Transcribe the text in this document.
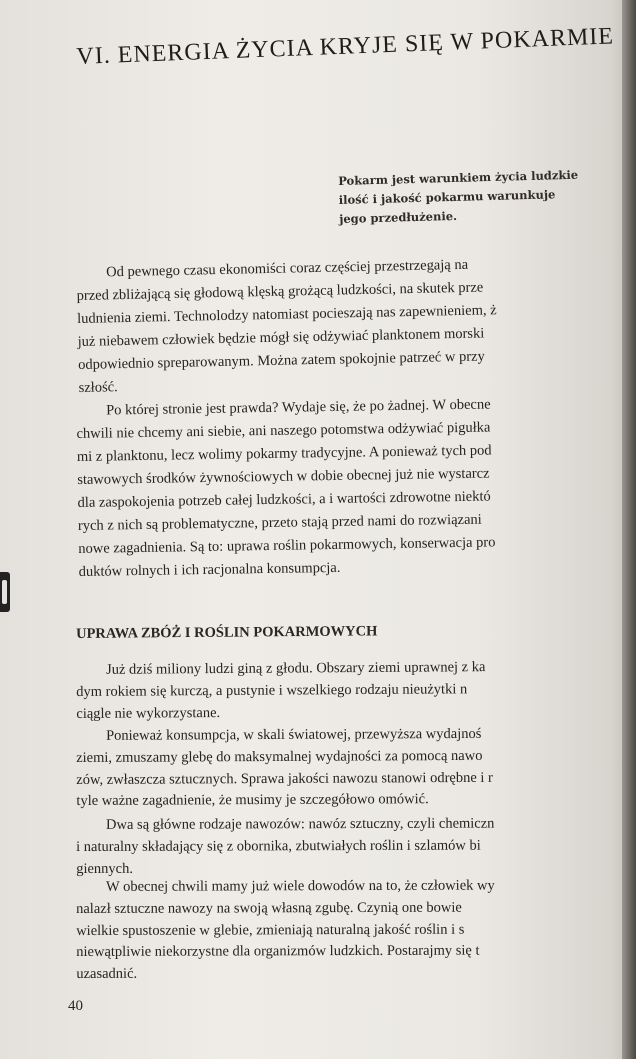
VI. ENERGIA ŻYCIA KRYJE SIĘ W POKARMIE
Pokarm jest warunkiem życia ludzkie
ilość i jakość pokarmu warunkuje
jego przedłużenie.
Od pewnego czasu ekonomiści coraz częściej przestrzegają na
przed zbliżającą się głodową klęską grożącą ludzkości, na skutek prze
ludnienia ziemi. Technolodzy natomiast pocieszają nas zapewnieniem, ż
już niebawem człowiek będzie mógł się odżywiać planktonem morski
odpowiednio spreparowanym. Można zatem spokojnie patrzeć w przy
szłość.
Po której stronie jest prawda? Wydaje się, że po żadnej. W obecne
chwili nie chcemy ani siebie, ani naszego potomstwa odżywiać pigułka
mi z planktonu, lecz wolimy pokarmy tradycyjne. A ponieważ tych pod
stawowych środków żywnościowych w dobie obecnej już nie wystarcz
dla zaspokojenia potrzeb całej ludzkości, a i wartości zdrowotne niektó
rych z nich są problematyczne, przeto stają przed nami do rozwiązani
nowe zagadnienia. Są to: uprawa roślin pokarmowych, konserwacja pro
duktów rolnych i ich racjonalna konsumpcja.
UPRAWA ZBÓŻ I ROŚLIN POKARMOWYCH
Już dziś miliony ludzi giną z głodu. Obszary ziemi uprawnej z ka
dym rokiem się kurczą, a pustynie i wszelkiego rodzaju nieużytki n
ciągle nie wykorzystane.
Ponieważ konsumpcja, w skali światowej, przewyższa wydajnoś
ziemi, zmuszamy glebę do maksymalnej wydajności za pomocą nawo
zów, zwłaszcza sztucznych. Sprawa jakości nawozu stanowi odrębne i r
tyle ważne zagadnienie, że musimy je szczegółowo omówić.
Dwa są główne rodzaje nawozów: nawóz sztuczny, czyli chemiczn
i naturalny składający się z obornika, zbutwiałych roślin i szlamów bi
giennych.
W obecnej chwili mamy już wiele dowodów na to, że człowiek wy
nalazł sztuczne nawozy na swoją własną zgubę. Czynią one bowie
wielkie spustoszenie w glebie, zmieniają naturalną jakość roślin i s
niewątpliwie niekorzystne dla organizmów ludzkich. Postarajmy się t
uzasadnić.
40
